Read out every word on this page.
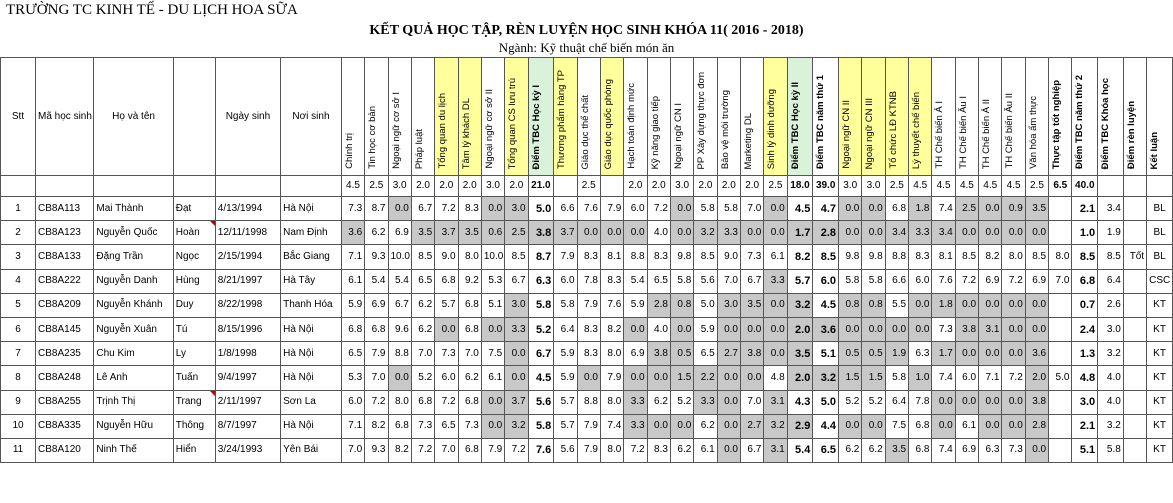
TRƯỜNG TC KINH TẾ - DU LỊCH HOA SỮA
KẾT QUẢ HỌC TẬP, RÈN LUYỆN HỌC SINH KHÓA 11( 2016 - 2018)
Ngành: Kỹ thuật chế biến món ăn
Stt	Mã học sinh	Họ và tên		Ngày sinh	Nơi sinh	Chính trị	Tin học cơ bản	Ngoại ngữ cơ sở I	Pháp luật	Tổng quan du lịch	Tâm lý khách DL	Ngoại ngữ cơ sở II	Tổng quan CS lưu trú	Điểm TBC Học kỳ I	Thương phẩm hàng TP	Giáo dục thể chất	Giáo dục quốc phòng	Hạch toán định mức	Kỹ năng giao tiếp	Ngoại ngữ CN I	PP Xây dựng thực đơn	Bảo vệ môi trường	Marketing DL	Sinh lý dinh dưỡng	Điểm TBC Học kỳ II	Điểm TBC năm thứ 1	Ngoại ngữ CN II	Ngoại ngữ CN III	Tổ chức LĐ KTNB	Lý thuyết chế biến	TH Chế biến Á I	TH Chế biến Âu I	TH Chế biến Á II	TH Chế biến Âu II	Văn hóa ẩm thực	Thực tập tốt nghiệp	Điểm TBC năm thứ 2	Điểm TBC Khóa học	Điểm rèn luyện	Kết luận
						4.5	2.5	3.0	2.0	2.0	2.0	3.0	2.0	21.0		2.5		2.0	2.0	3.0	2.0	2.0	2.0	2.5	18.0	39.0	3.0	3.0	2.5	4.5	4.5	4.5	4.5	4.5	2.5	6.5	40.0			
1	CB8A113	Mai Thành	Đạt	4/13/1994	Hà Nội	7.3	8.7	0.0	6.7	7.2	8.3	0.0	3.0	5.0	6.6	7.6	7.9	6.0	7.2	0.0	5.8	5.8	7.0	0.0	4.5	4.7	0.0	0.0	6.8	1.8	7.4	2.5	0.0	0.9	3.5		2.1	3.4		BL
2	CB8A123	Nguyễn Quốc	Hoàn	12/11/1998	Nam Định	3.6	6.2	6.9	3.5	3.7	3.5	0.6	2.5	3.8	3.7	0.0	0.0	0.0	4.0	0.0	3.2	3.3	0.0	0.0	1.7	2.8	0.0	0.0	3.4	3.3	3.4	0.0	0.0	0.0	0.0		1.0	1.9		BL
3	CB8A133	Đặng Trần	Ngọc	2/15/1994	Bắc Giang	7.1	9.3	10.0	8.5	9.0	8.0	10.0	8.5	8.7	7.9	8.3	8.1	8.8	8.3	9.8	8.5	9.0	7.3	6.1	8.2	8.5	9.8	9.8	8.8	8.3	8.1	8.5	8.2	8.0	8.5	8.0	8.5	8.5	Tốt	BL
4	CB8A222	Nguyễn Danh	Hùng	8/21/1997	Hà Tây	6.1	5.4	5.4	6.5	6.8	9.2	5.3	6.7	6.3	6.0	7.8	8.3	5.4	6.5	5.8	5.6	7.0	6.7	3.3	5.7	6.0	5.8	5.8	6.6	6.0	7.6	7.2	6.9	7.2	6.9	7.0	6.8	6.4		CSC
5	CB8A209	Nguyễn Khánh	Duy	8/22/1998	Thanh Hóa	5.9	6.9	6.7	6.2	5.7	6.8	5.1	3.0	5.8	5.8	7.9	7.6	5.9	2.8	0.8	5.0	3.0	3.5	0.0	3.2	4.5	0.8	0.8	5.5	0.0	1.8	0.0	0.0	0.0	0.0		0.7	2.6		KT
6	CB8A145	Nguyễn Xuân	Tú	8/15/1996	Hà Nội	6.8	6.8	9.6	6.2	0.0	6.8	0.0	3.3	5.2	6.4	8.3	8.2	0.0	4.0	0.0	5.9	0.0	0.0	0.0	2.0	3.6	0.0	0.0	0.0	0.0	7.3	3.8	3.1	0.0	0.0		2.4	3.0		KT
7	CB8A235	Chu Kim	Ly	1/8/1998	Hà Nội	6.5	7.9	8.8	7.0	7.3	7.0	7.5	0.0	6.7	5.9	8.3	8.0	6.9	3.8	0.5	6.5	2.7	3.8	0.0	3.5	5.1	0.5	0.5	1.9	6.3	1.7	0.0	0.0	0.0	3.6		1.3	3.2		KT
8	CB8A248	Lê Anh	Tuấn	9/4/1997	Hà Nội	5.3	7.0	0.0	5.2	6.0	6.2	6.1	0.0	4.5	5.9	0.0	7.9	0.0	0.0	1.5	2.2	0.0	0.0	4.8	2.0	3.2	1.5	1.5	5.8	1.0	7.4	6.0	7.1	7.2	2.0	5.0	4.8	4.0		KT
9	CB8A255	Trịnh Thị	Trang	2/11/1997	Sơn La	6.0	7.2	8.0	6.8	7.2	6.8	0.0	3.7	5.6	5.7	8.8	8.0	3.3	6.2	5.2	3.3	0.0	7.0	3.1	4.3	5.0	5.2	5.2	6.4	7.8	0.0	0.0	0.0	0.0	3.8		3.0	4.0		KT
10	CB8A335	Nguyễn Hữu	Thông	8/7/1997	Hà Nội	7.1	8.2	6.8	7.3	6.5	7.3	0.0	3.2	5.8	5.7	7.9	7.4	3.3	0.0	0.0	6.2	0.0	2.7	3.2	2.9	4.4	0.0	0.0	7.5	6.8	0.0	6.1	0.0	0.0	2.8		2.1	3.2		KT
11	CB8A120	Ninh Thế	Hiển	3/24/1993	Yên Bái	7.0	9.3	8.2	7.2	7.0	6.8	7.9	7.2	7.6	5.6	7.9	8.0	7.2	8.3	6.2	6.1	0.0	6.7	3.1	5.4	6.5	6.2	6.2	3.5	6.8	7.4	6.9	6.3	7.3	0.0		5.1	5.8		KT
